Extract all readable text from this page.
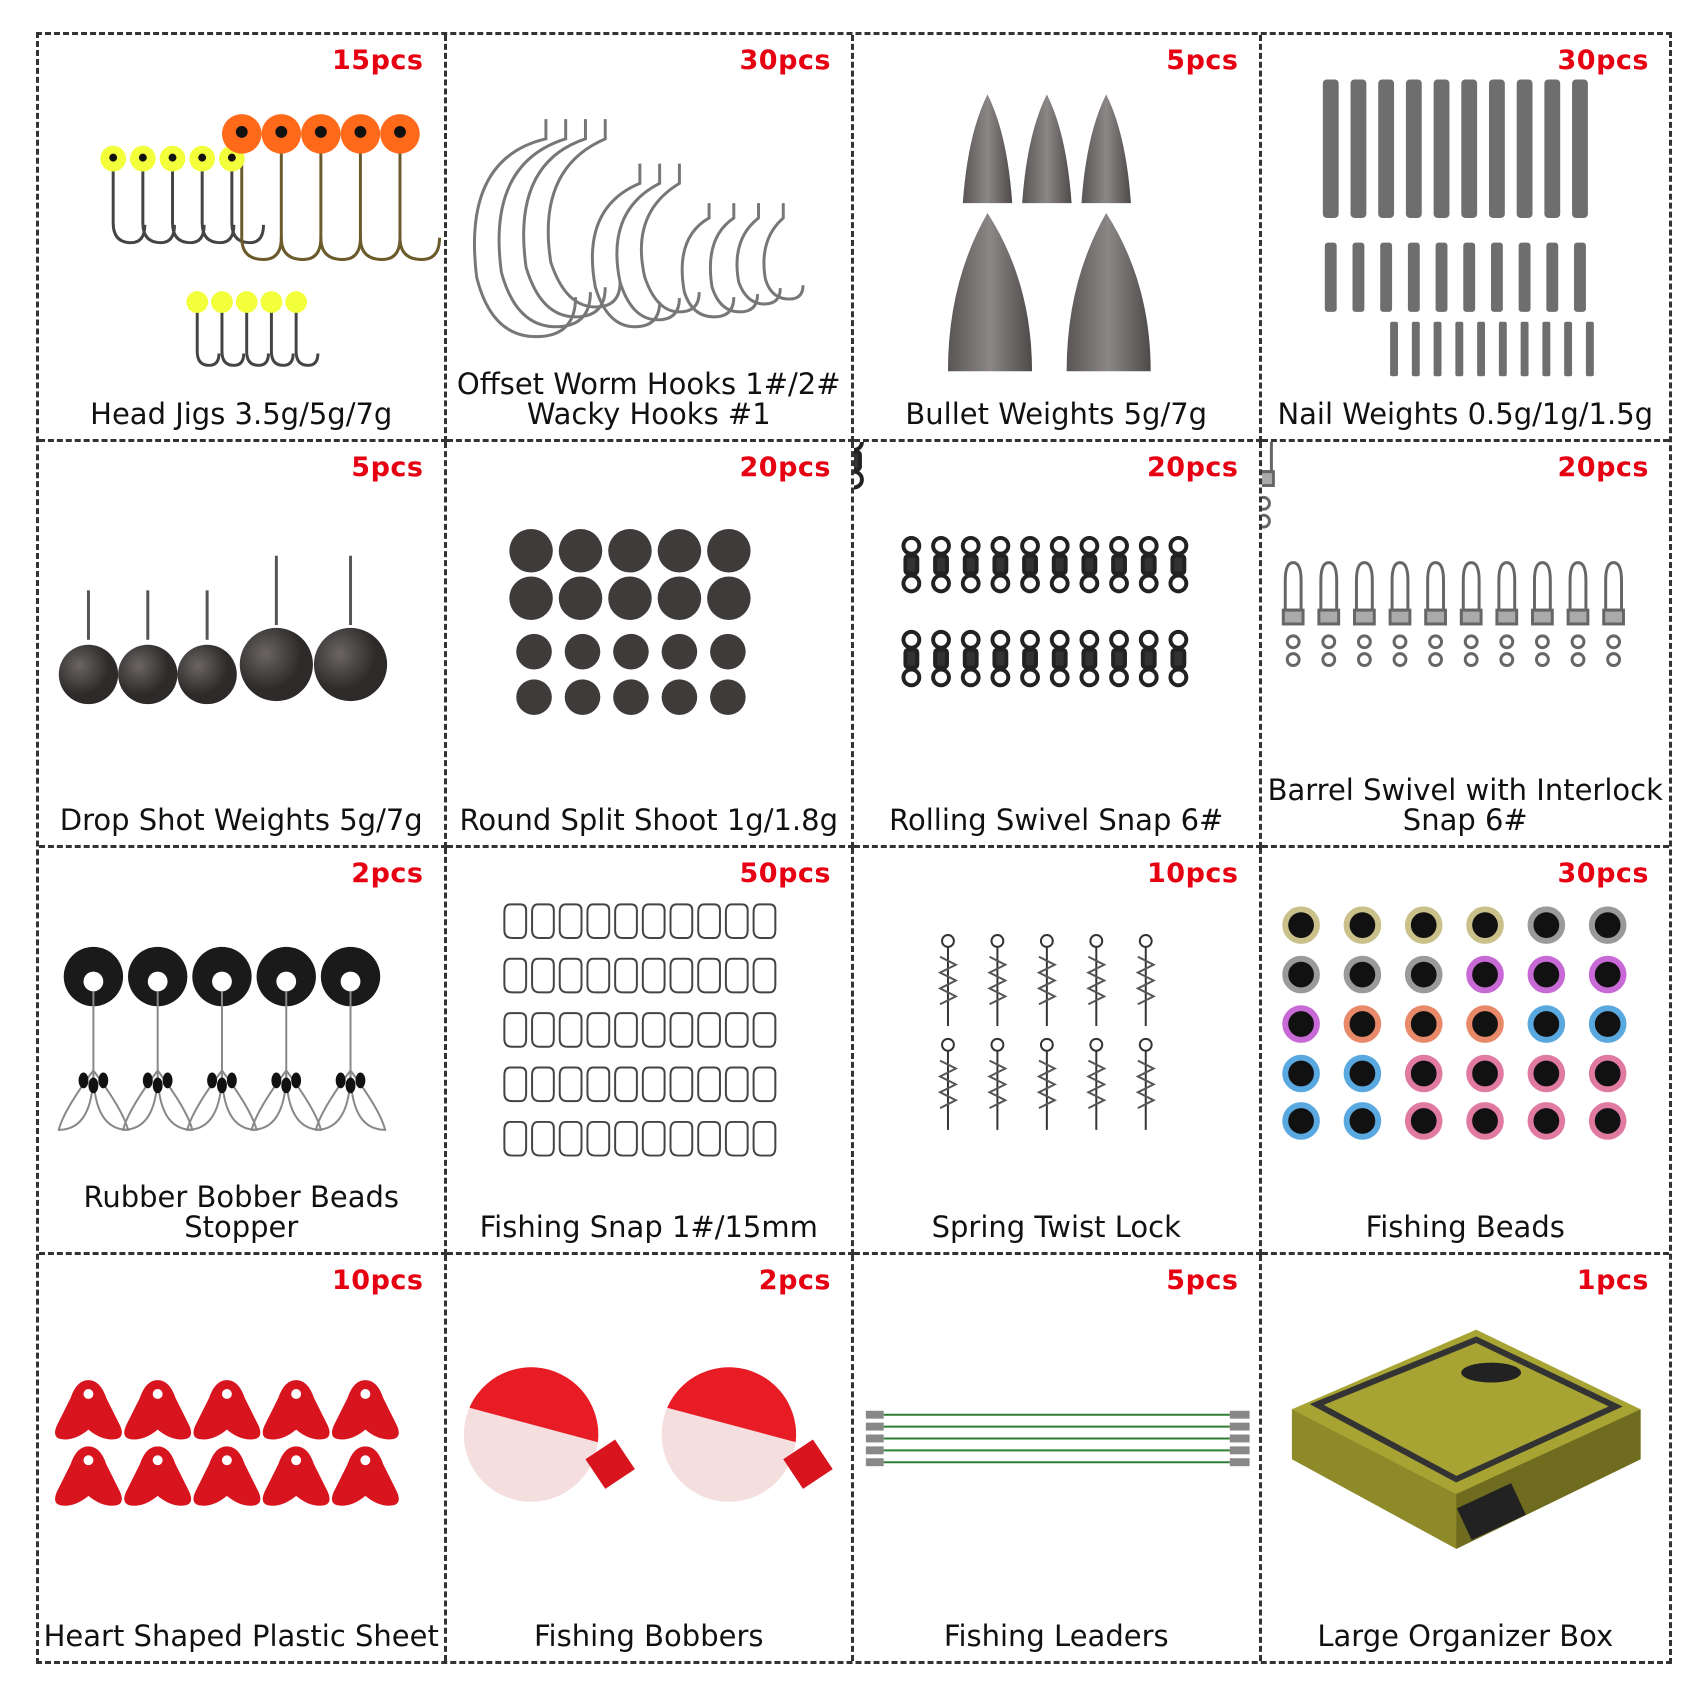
15pcs
Head Jigs 3.5g/5g/7g
30pcs
Offset Worm Hooks 1#/2#
Wacky Hooks #1
5pcs
Bullet Weights 5g/7g
30pcs
Nail Weights 0.5g/1g/1.5g
5pcs
Drop Shot Weights 5g/7g
20pcs
Round Split Shoot 1g/1.8g
20pcs
Rolling Swivel Snap 6#
20pcs
Barrel Swivel with Interlock
Snap 6#
2pcs
Rubber Bobber Beads Stopper
50pcs
Fishing Snap 1#/15mm
10pcs
Spring Twist Lock
30pcs
Fishing Beads
10pcs
Heart Shaped Plastic Sheet
2pcs
Fishing Bobbers
5pcs
Fishing Leaders
1pcs
Large Organizer Box
